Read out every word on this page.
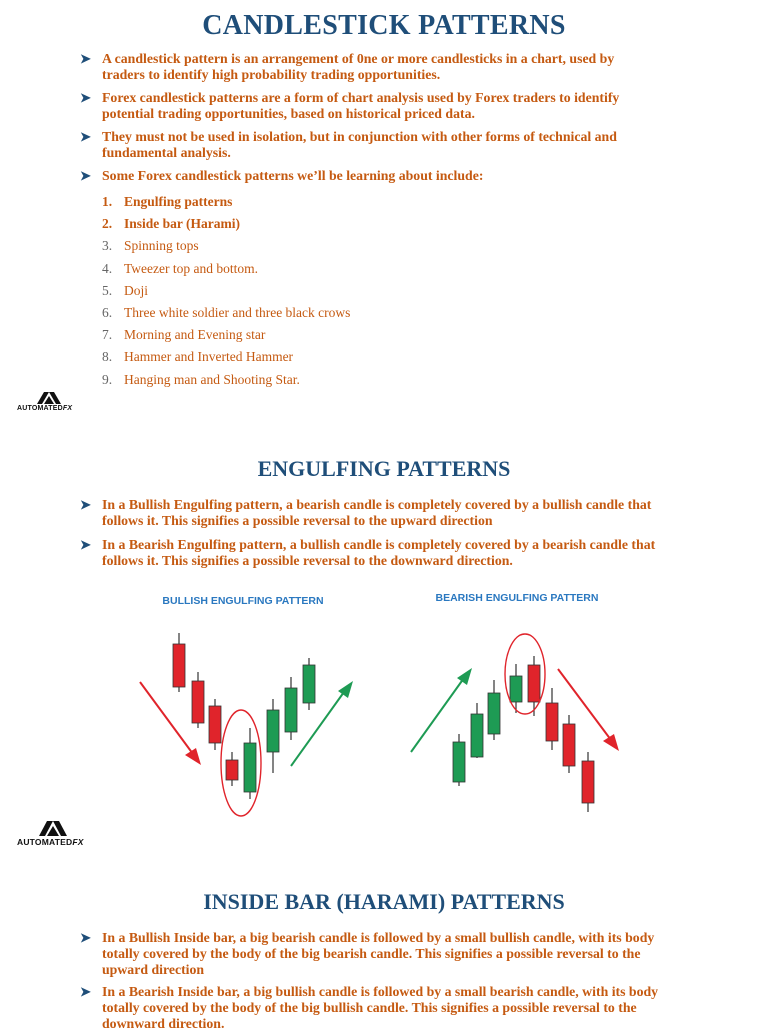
CANDLESTICK PATTERNS
➤ A candlestick pattern is an arrangement of 0ne or more candlesticks in a chart, used by traders to identify high probability trading opportunities.
➤ Forex candlestick patterns are a form of chart analysis used by Forex traders to identify potential trading opportunities, based on historical priced data.
➤ They must not be used in isolation, but in conjunction with other forms of technical and fundamental analysis.
➤ Some Forex candlestick patterns we’ll be learning about include:
1. Engulfing patterns
2. Inside bar (Harami)
3. Spinning tops
4. Tweezer top and bottom.
5. Doji
6. Three white soldier and three black crows
7. Morning and Evening star
8. Hammer and Inverted Hammer
9. Hanging man and Shooting Star.
AUTOMATEDFX
ENGULFING PATTERNS
➤ In a Bullish Engulfing pattern, a bearish candle is completely covered by a bullish candle that follows it. This signifies a possible reversal to the upward direction
➤ In a Bearish Engulfing pattern, a bullish candle is completely covered by a bearish candle that follows it. This signifies a possible reversal to the downward direction.
BULLISH ENGULFING PATTERN	BEARISH ENGULFING PATTERN
AUTOMATEDFX
INSIDE BAR (HARAMI) PATTERNS
➤ In a Bullish Inside bar, a big bearish candle is followed by a small bullish candle, with its body totally covered by the body of the big bearish candle. This signifies a possible reversal to the upward direction
➤ In a Bearish Inside bar, a big bullish candle is followed by a small bearish candle, with its body totally covered by the body of the big bullish candle. This signifies a possible reversal to the downward direction.
